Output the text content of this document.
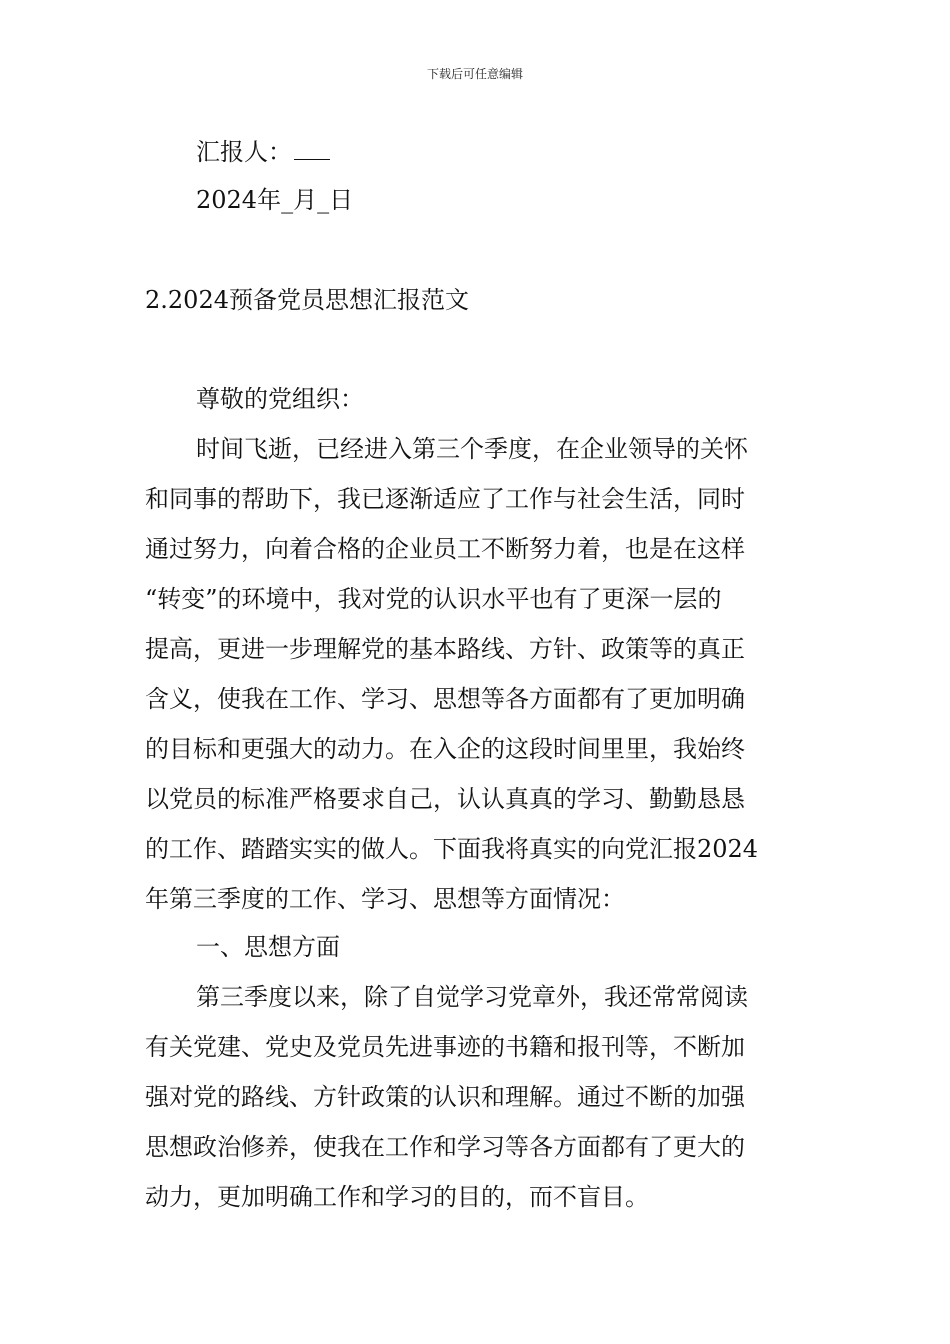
下载后可任意编辑
汇报人：
2024年_月_日
2.2024预备党员思想汇报范文
尊敬的党组织：
时间飞逝，已经进入第三个季度，在企业领导的关怀
和同事的帮助下，我已逐渐适应了工作与社会生活，同时
通过努力，向着合格的企业员工不断努力着，也是在这样
“转变”的环境中，我对党的认识水平也有了更深一层的
提高，更进一步理解党的基本路线、方针、政策等的真正
含义，使我在工作、学习、思想等各方面都有了更加明确
的目标和更强大的动力。在入企的这段时间里里，我始终
以党员的标准严格要求自己，认认真真的学习、勤勤恳恳
的工作、踏踏实实的做人。下面我将真实的向党汇报2024
年第三季度的工作、学习、思想等方面情况：
一、思想方面
第三季度以来，除了自觉学习党章外，我还常常阅读
有关党建、党史及党员先进事迹的书籍和报刊等，不断加
强对党的路线、方针政策的认识和理解。通过不断的加强
思想政治修养，使我在工作和学习等各方面都有了更大的
动力，更加明确工作和学习的目的，而不盲目。
